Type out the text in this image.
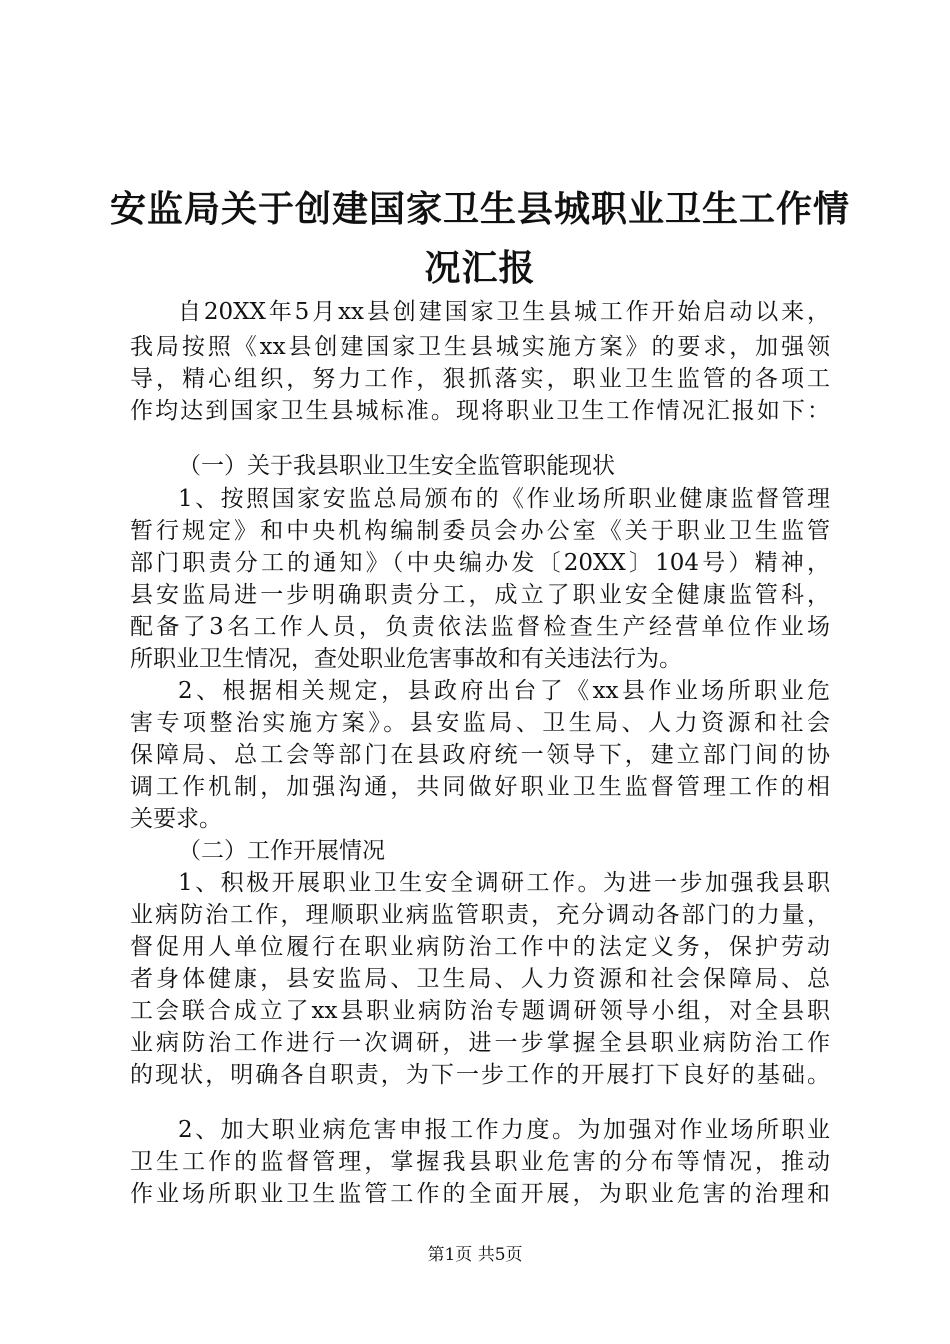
安监局关于创建国家卫生县城职业卫生工作情
况汇报

自20XX年5月xx县创建国家卫生县城工作开始启动以来，

我局按照《xx县创建国家卫生县城实施方案》的要求，加强领

导，精心组织，努力工作，狠抓落实，职业卫生监管的各项工

作均达到国家卫生县城标准。现将职业卫生工作情况汇报如下：

（一）关于我县职业卫生安全监管职能现状

1、按照国家安监总局颁布的《作业场所职业健康监督管理

暂行规定》和中央机构编制委员会办公室《关于职业卫生监管

部门职责分工的通知》（中央编办发〔20XX〕104号）精神，

县安监局进一步明确职责分工，成立了职业安全健康监管科，

配备了3名工作人员，负责依法监督检查生产经营单位作业场

所职业卫生情况，查处职业危害事故和有关违法行为。

2、根据相关规定，县政府出台了《xx县作业场所职业危

害专项整治实施方案》。县安监局、卫生局、人力资源和社会

保障局、总工会等部门在县政府统一领导下，建立部门间的协

调工作机制，加强沟通，共同做好职业卫生监督管理工作的相

关要求。

（二）工作开展情况

1、积极开展职业卫生安全调研工作。为进一步加强我县职

业病防治工作，理顺职业病监管职责，充分调动各部门的力量，

督促用人单位履行在职业病防治工作中的法定义务，保护劳动

者身体健康，县安监局、卫生局、人力资源和社会保障局、总

工会联合成立了xx县职业病防治专题调研领导小组，对全县职

业病防治工作进行一次调研，进一步掌握全县职业病防治工作

的现状，明确各自职责，为下一步工作的开展打下良好的基础。

2、加大职业病危害申报工作力度。为加强对作业场所职业

卫生工作的监督管理，掌握我县职业危害的分布等情况，推动

作业场所职业卫生监管工作的全面开展，为职业危害的治理和

第1页 共5页
